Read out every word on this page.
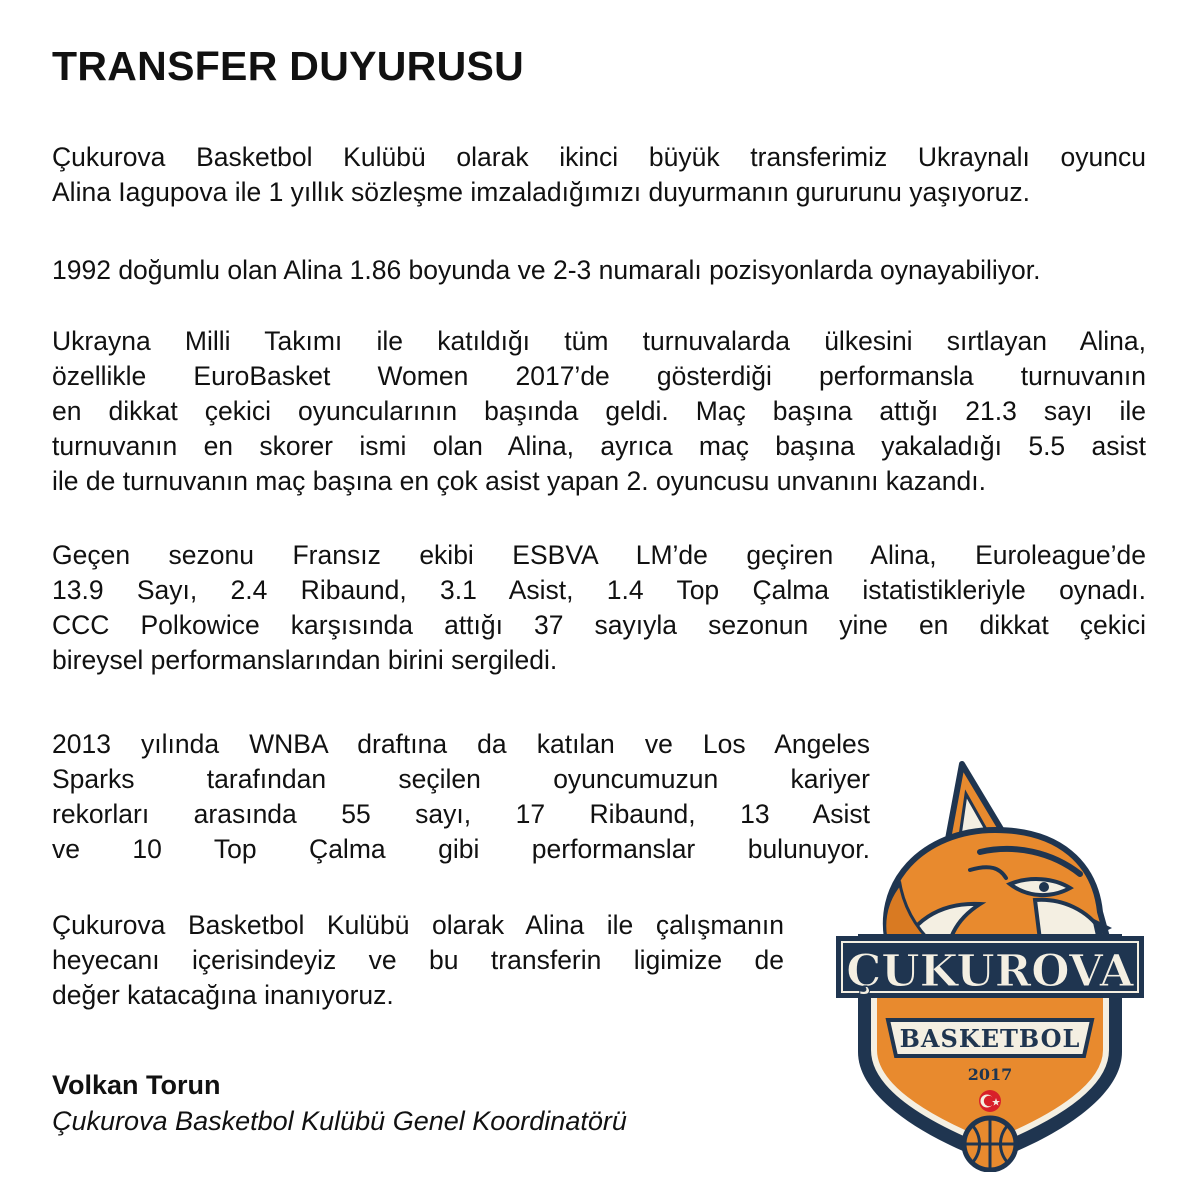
TRANSFER DUYURUSU

Çukurova Basketbol Kulübü olarak ikinci büyük transferimiz Ukraynalı oyuncu
Alina Iagupova ile 1 yıllık sözleşme imzaladığımızı duyurmanın gururunu yaşıyoruz.

1992 doğumlu olan Alina 1.86 boyunda ve 2-3 numaralı pozisyonlarda oynayabiliyor.

Ukrayna Milli Takımı ile katıldığı tüm turnuvalarda ülkesini sırtlayan Alina,
özellikle EuroBasket Women 2017’de gösterdiği performansla turnuvanın
en dikkat çekici oyuncularının başında geldi. Maç başına attığı 21.3 sayı ile
turnuvanın en skorer ismi olan Alina, ayrıca maç başına yakaladığı 5.5 asist
ile de turnuvanın maç başına en çok asist yapan 2. oyuncusu unvanını kazandı.

Geçen sezonu Fransız ekibi ESBVA LM’de geçiren Alina, Euroleague’de
13.9 Sayı, 2.4 Ribaund, 3.1 Asist, 1.4 Top Çalma istatistikleriyle oynadı.
CCC Polkowice karşısında attığı 37 sayıyla sezonun yine en dikkat çekici
bireysel performanslarından birini sergiledi.

2013 yılında WNBA draftına da katılan ve Los Angeles
Sparks tarafından seçilen oyuncumuzun kariyer
rekorları arasında 55 sayı, 17 Ribaund, 13 Asist
ve 10 Top Çalma gibi performanslar bulunuyor.

Çukurova Basketbol Kulübü olarak Alina ile çalışmanın
heyecanı içerisindeyiz ve bu transferin ligimize de
değer katacağına inanıyoruz.

Volkan Torun

Çukurova Basketbol Kulübü Genel Koordinatörü

ÇUKUROVA
BASKETBOL
2017
